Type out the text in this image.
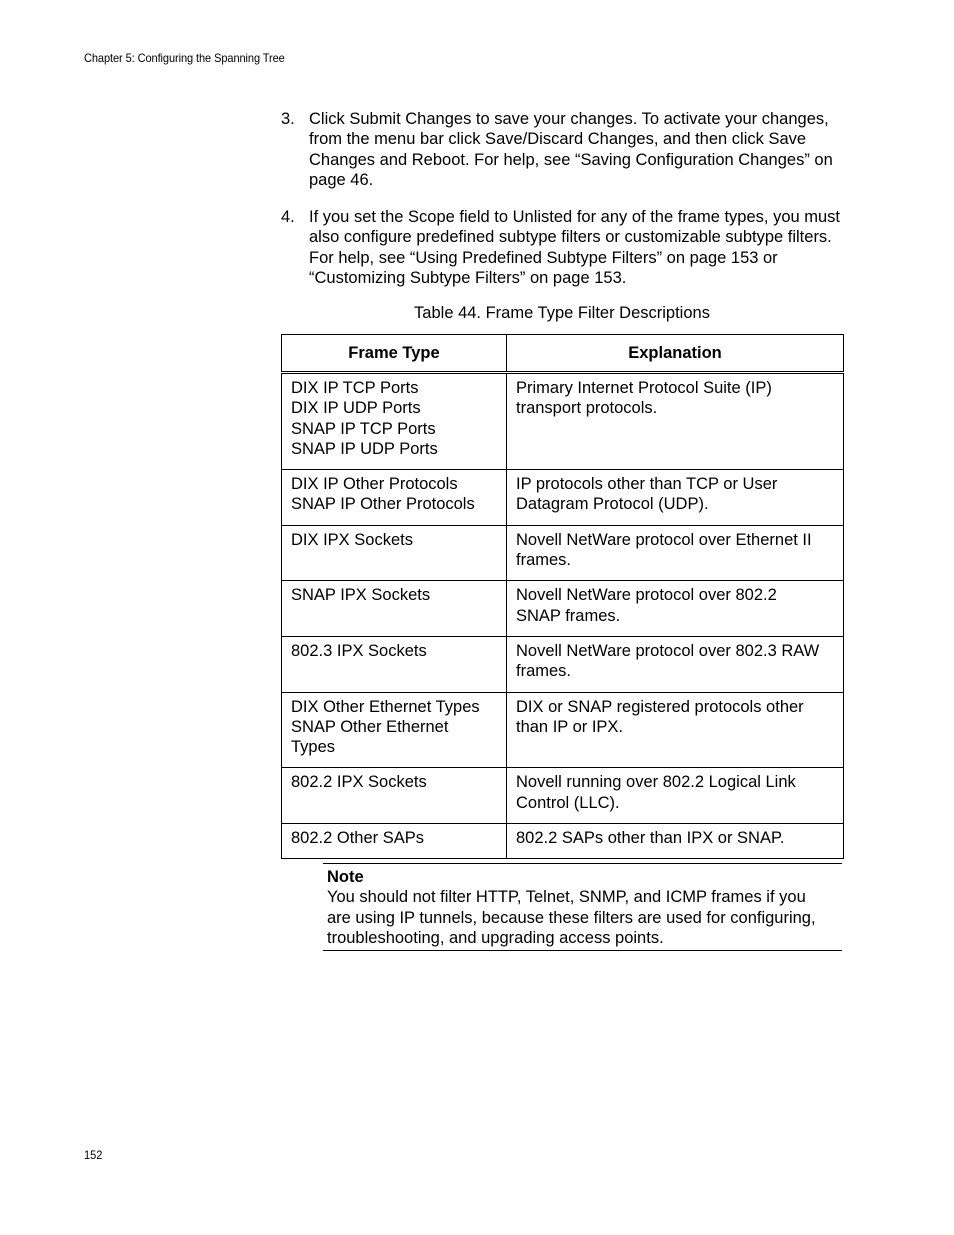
Chapter 5: Configuring the Spanning Tree
3. Click Submit Changes to save your changes. To activate your changes, from the menu bar click Save/Discard Changes, and then click Save Changes and Reboot. For help, see “Saving Configuration Changes” on page 46.
4. If you set the Scope field to Unlisted for any of the frame types, you must also configure predefined subtype filters or customizable subtype filters. For help, see “Using Predefined Subtype Filters” on page 153 or “Customizing Subtype Filters” on page 153.
Table 44. Frame Type Filter Descriptions
Frame Type	Explanation

DIX IP TCP Ports
DIX IP UDP Ports
SNAP IP TCP Ports
SNAP IP UDP Ports	Primary Internet Protocol Suite (IP)
transport protocols.

DIX IP Other Protocols
SNAP IP Other Protocols	IP protocols other than TCP or User
Datagram Protocol (UDP).

DIX IPX Sockets	Novell NetWare protocol over Ethernet II
frames.

SNAP IPX Sockets	Novell NetWare protocol over 802.2
SNAP frames.

802.3 IPX Sockets	Novell NetWare protocol over 802.3 RAW
frames.

DIX Other Ethernet Types
SNAP Other Ethernet
Types	DIX or SNAP registered protocols other
than IP or IPX.

802.2 IPX Sockets	Novell running over 802.2 Logical Link
Control (LLC).

802.2 Other SAPs	802.2 SAPs other than IPX or SNAP.
Note
You should not filter HTTP, Telnet, SNMP, and ICMP frames if you
are using IP tunnels, because these filters are used for configuring,
troubleshooting, and upgrading access points.
152
